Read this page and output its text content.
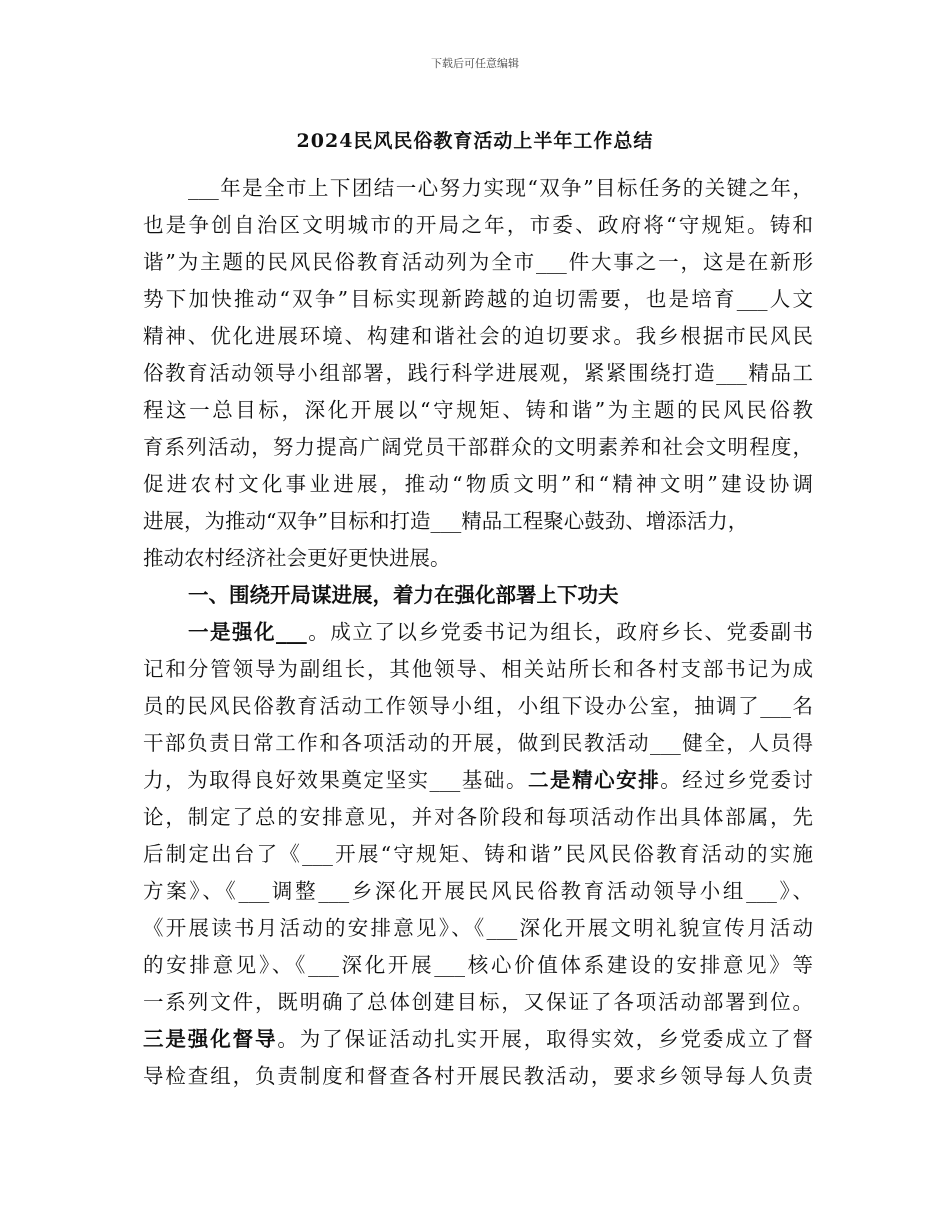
下载后可任意编辑
2024民风民俗教育活动上半年工作总结
___年是全市上下团结一心努力实现“双争”目标任务的关键之年，
也是争创自治区文明城市的开局之年，市委、政府将“守规矩。铸和
谐”为主题的民风民俗教育活动列为全市___件大事之一，这是在新形
势下加快推动“双争”目标实现新跨越的迫切需要，也是培育___人文
精神、优化进展环境、构建和谐社会的迫切要求。我乡根据市民风民
俗教育活动领导小组部署，践行科学进展观，紧紧围绕打造___精品工
程这一总目标，深化开展以“守规矩、铸和谐”为主题的民风民俗教
育系列活动，努力提高广阔党员干部群众的文明素养和社会文明程度，
促进农村文化事业进展，推动“物质文明”和“精神文明”建设协调
进展，为推动“双争”目标和打造___精品工程聚心鼓劲、增添活力，
推动农村经济社会更好更快进展。
一、围绕开局谋进展，着力在强化部署上下功夫
一是强化___。成立了以乡党委书记为组长，政府乡长、党委副书
记和分管领导为副组长，其他领导、相关站所长和各村支部书记为成
员的民风民俗教育活动工作领导小组，小组下设办公室，抽调了___名
干部负责日常工作和各项活动的开展，做到民教活动___健全，人员得
力，为取得良好效果奠定坚实___基础。二是精心安排。经过乡党委讨
论，制定了总的安排意见，并对各阶段和每项活动作出具体部属，先
后制定出台了《___开展“守规矩、铸和谐”民风民俗教育活动的实施
方案》、《___调整___乡深化开展民风民俗教育活动领导小组___》、
《开展读书月活动的安排意见》、《___深化开展文明礼貌宣传月活动
的安排意见》、《___深化开展___核心价值体系建设的安排意见》等
一系列文件，既明确了总体创建目标，又保证了各项活动部署到位。
三是强化督导。为了保证活动扎实开展，取得实效，乡党委成立了督
导检查组，负责制度和督查各村开展民教活动，要求乡领导每人负责
